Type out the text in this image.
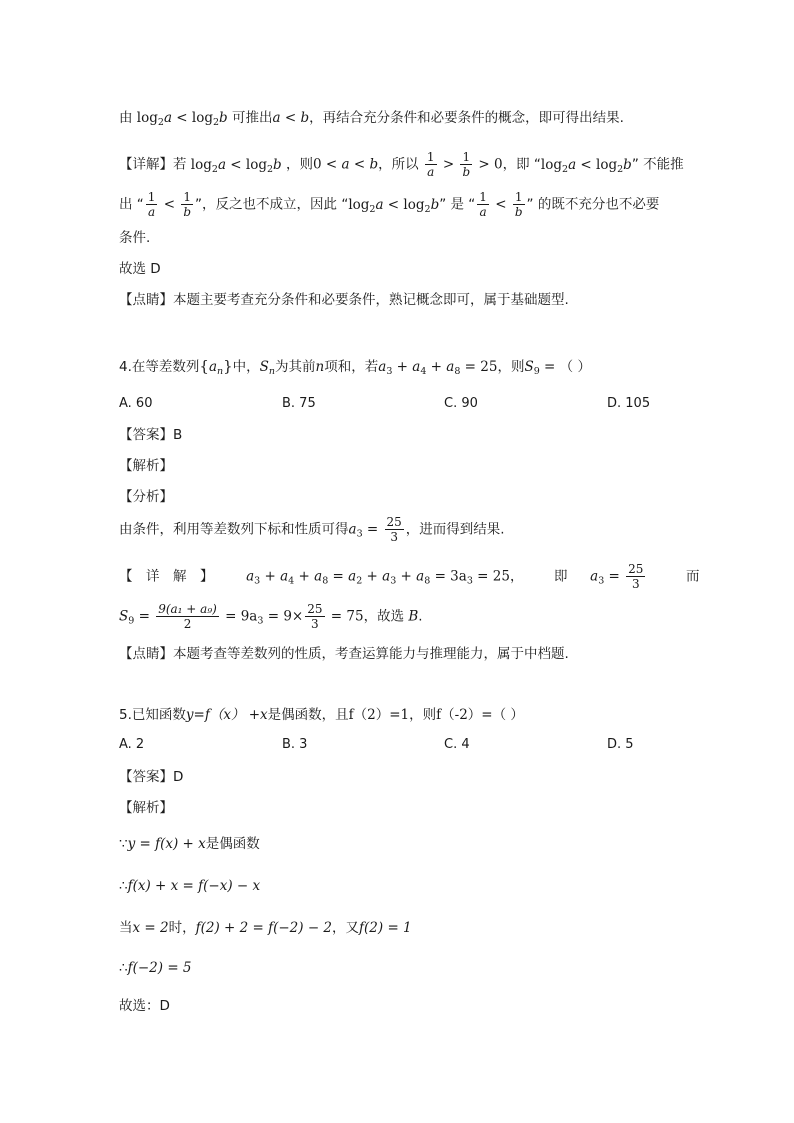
由 $\log_2a < \log_2b$ 可推出a < b，再结合充分条件和必要条件的概念，即可得出结果.
【详解】若 $\log_2a < \log_2b$ ，则0 < a < b，所以 $\frac{1}{a} > \frac{1}{b} > 0$，即 “$\log_2a < \log_2b$” 不能推
出 “ $\frac{1}{a} < \frac{1}{b}$ ”，反之也不成立，因此 “$\log_2a < \log_2b$” 是 “ $\frac{1}{a} < \frac{1}{b}$ ” 的既不充分也不必要
条件.
故选 D
【点睛】本题主要考查充分条件和必要条件，熟记概念即可，属于基础题型.
4.在等差数列$\{a_n\}$中，$S_n$为其前n项和，若$a_3 + a_4 + a_8 = 25$，则$S_9$ = （ ）
A. 60	B. 75	C. 90	D. 105
【答案】B
【解析】
【分析】
由条件，利用等差数列下标和性质可得$a_3 = \frac{25}{3}$ ，进而得到结果.
【　详　解　】 $a_3 + a_4 + a_8 = a_2 + a_3 + a_8 = 3a_3 = 25$，  即 $a_3 = \frac{25}{3}$	而
$S_9 = \frac{\text{9(a₁ + a₉)}}{2} = 9a_3 = 9\times \frac{25}{3} = 75$，故选 B.
【点睛】本题考查等差数列的性质，考查运算能力与推理能力，属于中档题.
5.已知函数y=f（x） +x是偶函数，且f（2）=1，则f（-2）=（ ）
A. 2	B. 3	C. 4	D. 5
【答案】D
【解析】
∵y = f(x) + x是偶函数
∴f(x) + x = f(−x) − x
当x = 2时，f(2) + 2 = f(−2) − 2，又f(2) = 1
∴f(−2) = 5
故选：D
